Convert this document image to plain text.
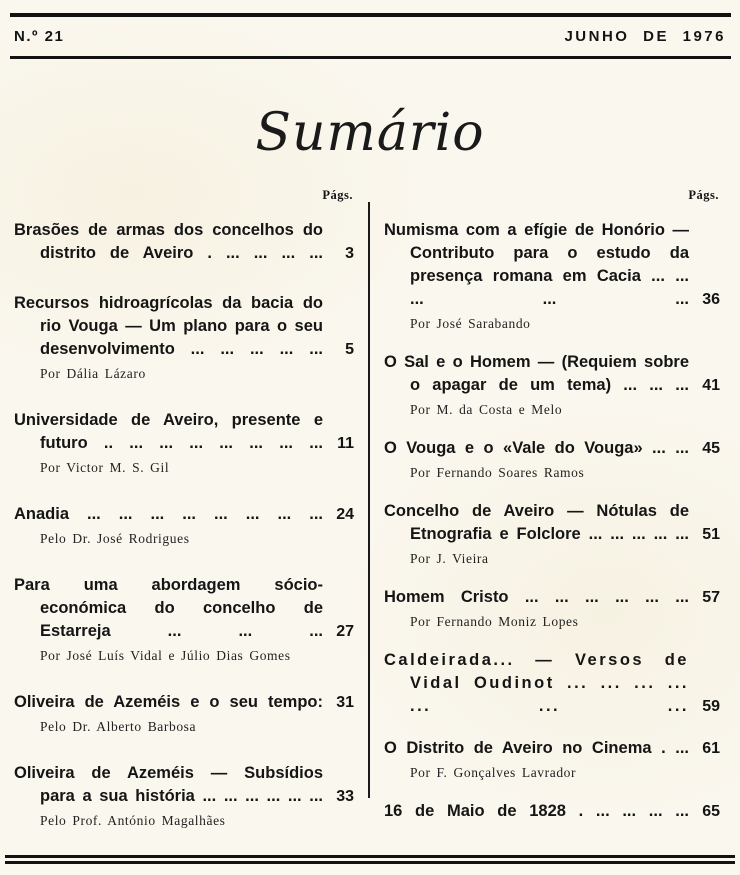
N.º 21	JUNHO DE 1976
Sumário
Págs.
Brasões de armas dos concelhos do distrito de Aveiro . ... ... ... ...	3
Recursos hidroagrícolas da bacia do rio Vouga — Um plano para o seu desenvolvimento ... ... ... ... ...	5
Por Dália Lázaro
Universidade de Aveiro, presente e futuro .. ... ... ... ... ... ... ... 11
Por Victor M. S. Gil
Anadia ... ... ... ... ... ... ... ... 24
Pelo Dr. José Rodrigues
Para uma abordagem sócio-económica do concelho de Estarreja ... ... ... 27
Por José Luís Vidal e Júlio Dias Gomes
Oliveira de Azeméis e o seu tempo: 31
Pelo Dr. Alberto Barbosa
Oliveira de Azeméis — Subsídios para a sua história ... ... ... ... ... ... 33
Pelo Prof. António Magalhães
Págs.
Numisma com a efígie de Honório — Contributo para o estudo da presença romana em Cacia ... ... ... ... ... 36
Por José Sarabando
O Sal e o Homem — (Requiem sobre o apagar de um tema) ... ... ... 41
Por M. da Costa e Melo
O Vouga e o «Vale do Vouga» ... ... 45
Por Fernando Soares Ramos
Concelho de Aveiro — Nótulas de Etnografia e Folclore ... ... ... ... ... 51
Por J. Vieira
Homem Cristo ... ... ... ... ... ... 57
Por Fernando Moniz Lopes
Caldeirada... — Versos de Vidal Oudinot ... ... ... ... ... ... ... 59
O Distrito de Aveiro no Cinema . ... 61
Por F. Gonçalves Lavrador
16 de Maio de 1828 . ... ... ... ... 65
